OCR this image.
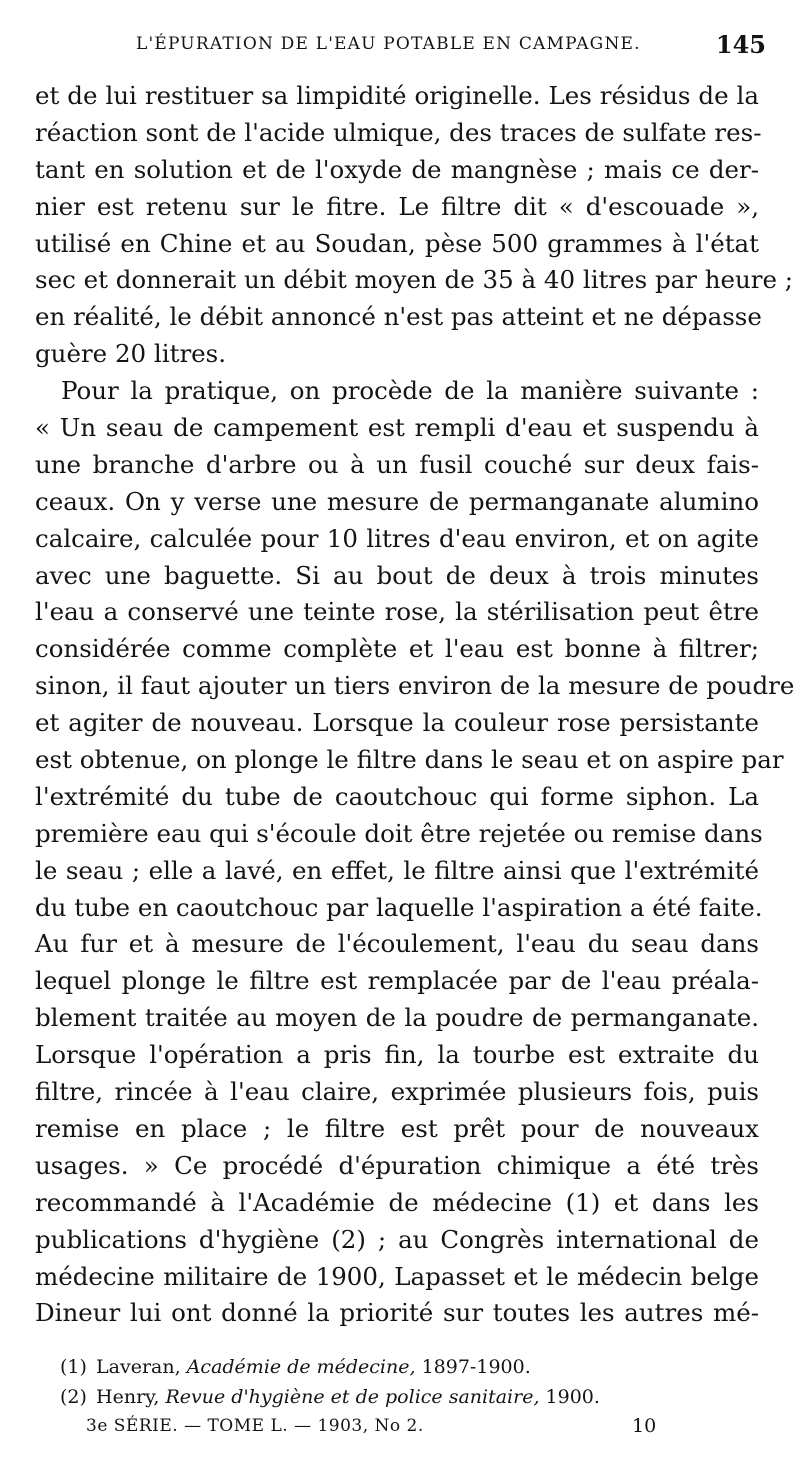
L'ÉPURATION DE L'EAU POTABLE EN CAMPAGNE.	145
et de lui restituer sa limpidité originelle. Les résidus de la
réaction sont de l'acide ulmique, des traces de sulfate res-
tant en solution et de l'oxyde de mangnèse ; mais ce der-
nier est retenu sur le fitre. Le filtre dit « d'escouade »,
utilisé en Chine et au Soudan, pèse 500 grammes à l'état
sec et donnerait un débit moyen de 35 à 40 litres par heure ;
en réalité, le débit annoncé n'est pas atteint et ne dépasse
guère 20 litres.
Pour la pratique, on procède de la manière suivante :
« Un seau de campement est rempli d'eau et suspendu à
une branche d'arbre ou à un fusil couché sur deux fais-
ceaux. On y verse une mesure de permanganate alumino
calcaire, calculée pour 10 litres d'eau environ, et on agite
avec une baguette. Si au bout de deux à trois minutes
l'eau a conservé une teinte rose, la stérilisation peut être
considérée comme complète et l'eau est bonne à filtrer;
sinon, il faut ajouter un tiers environ de la mesure de poudre
et agiter de nouveau. Lorsque la couleur rose persistante
est obtenue, on plonge le filtre dans le seau et on aspire par
l'extrémité du tube de caoutchouc qui forme siphon. La
première eau qui s'écoule doit être rejetée ou remise dans
le seau ; elle a lavé, en effet, le filtre ainsi que l'extrémité
du tube en caoutchouc par laquelle l'aspiration a été faite.
Au fur et à mesure de l'écoulement, l'eau du seau dans
lequel plonge le filtre est remplacée par de l'eau préala-
blement traitée au moyen de la poudre de permanganate.
Lorsque l'opération a pris fin, la tourbe est extraite du
filtre, rincée à l'eau claire, exprimée plusieurs fois, puis
remise en place ; le filtre est prêt pour de nouveaux
usages. » Ce procédé d'épuration chimique a été très
recommandé à l'Académie de médecine (1) et dans les
publications d'hygiène (2) ; au Congrès international de
médecine militaire de 1900, Lapasset et le médecin belge
Dineur lui ont donné la priorité sur toutes les autres mé-
(1) Laveran, Académie de médecine, 1897-1900.
(2) Henry, Revue d'hygiène et de police sanitaire, 1900.
3e SÉRIE. — TOME L. — 1903, No 2.	10
